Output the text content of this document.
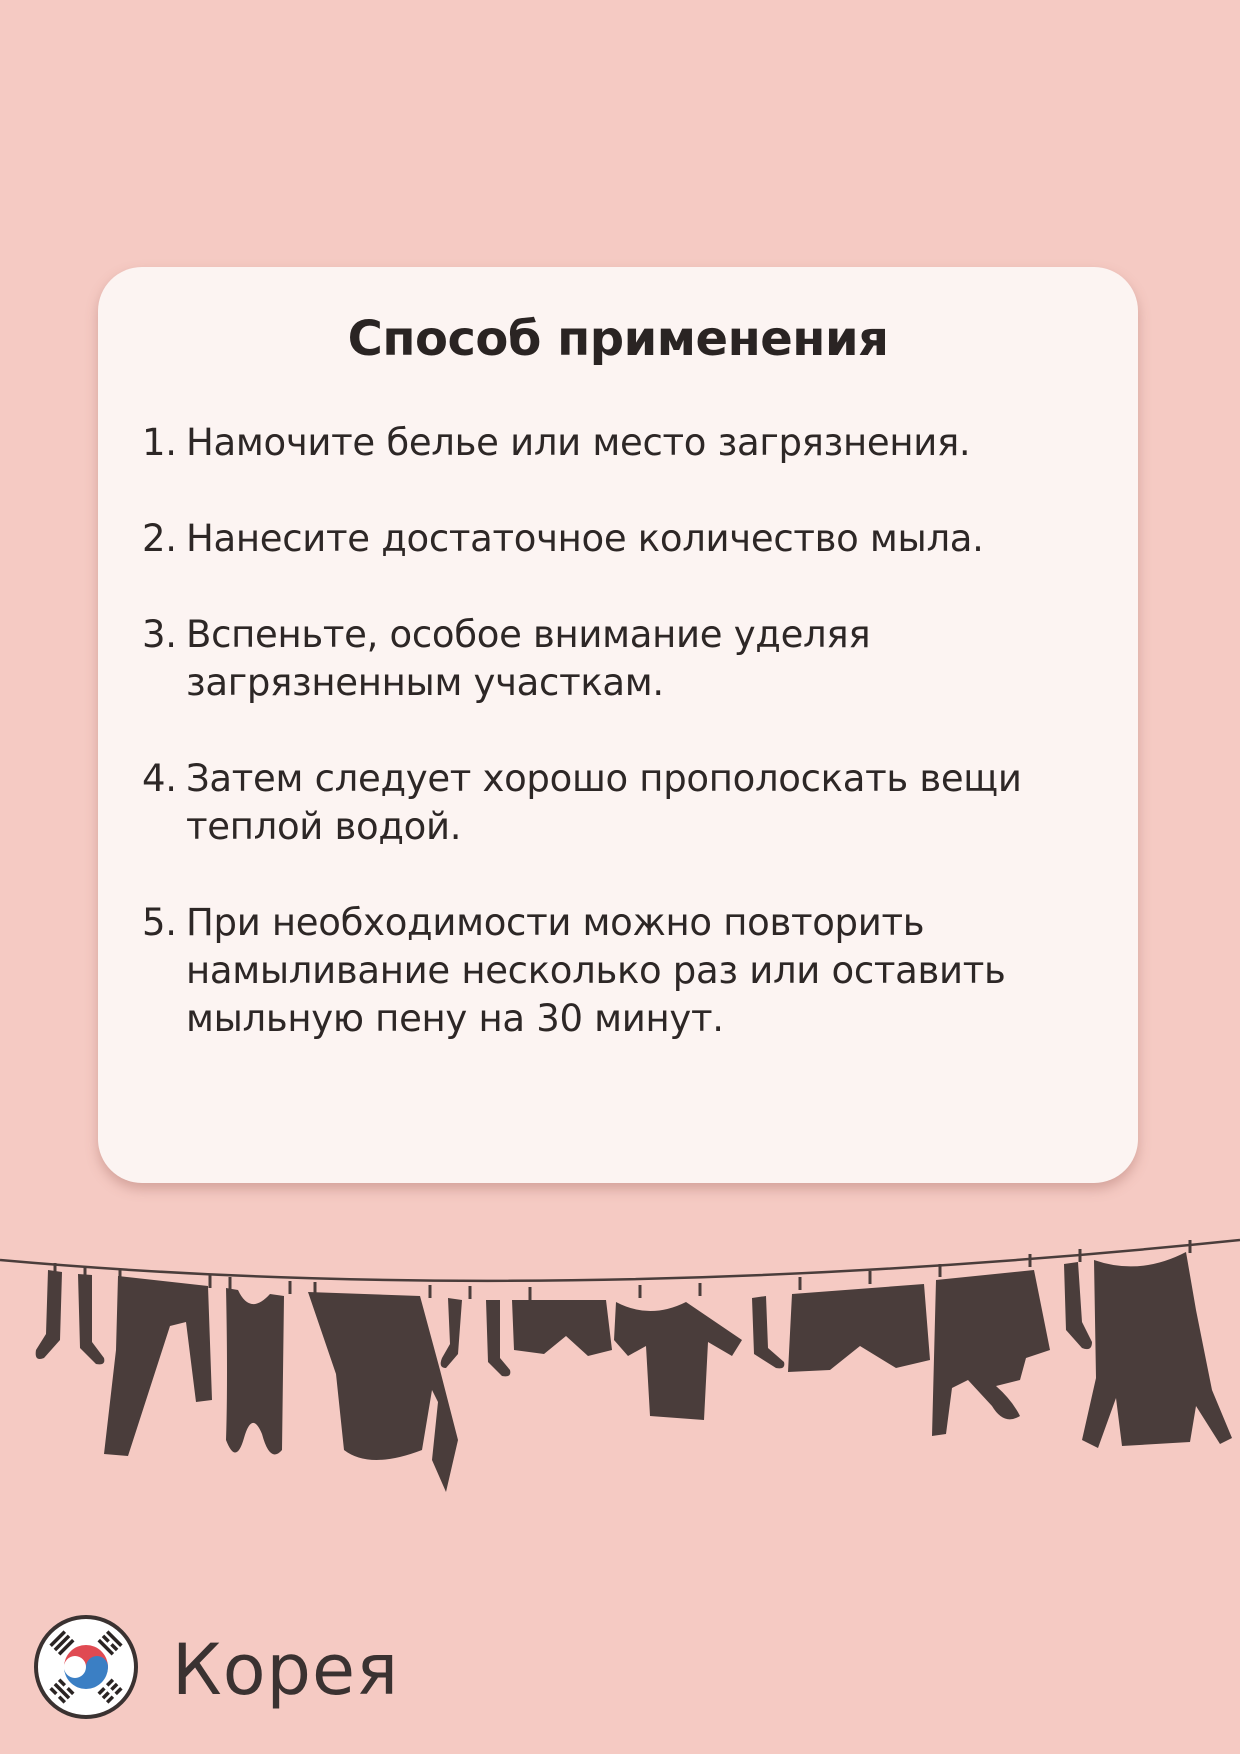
Способ применения
1. Намочите белье или место загрязнения.
2. Нанесите достаточное количество мыла.
3. Вспеньте, особое внимание уделяя загрязненным участкам.
4. Затем следует хорошо прополоскать вещи теплой водой.
5. При необходимости можно повторить намыливание несколько раз или оставить мыльную пену на 30 минут.
Корея
